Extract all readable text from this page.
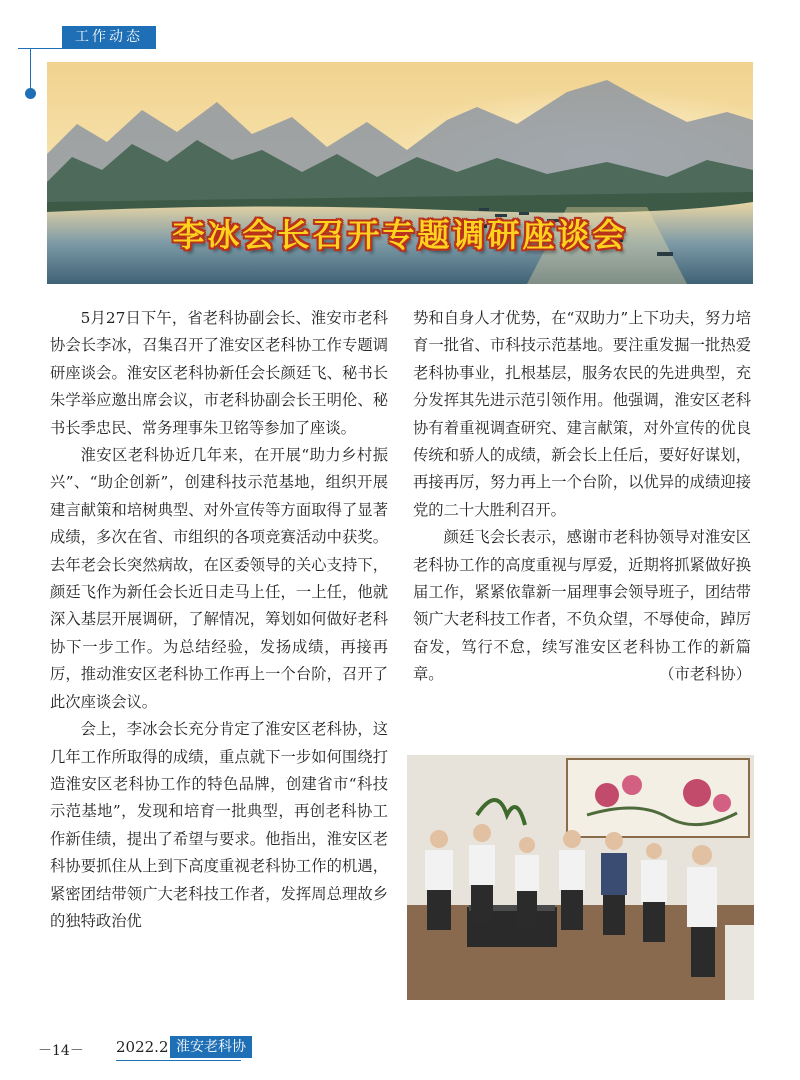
工作动态
李冰会长召开专题调研座谈会

5月27日下午，省老科协副会长、淮安市老科协会长李冰，召集召开了淮安区老科协工作专题调研座谈会。淮安区老科协新任会长颜廷飞、秘书长朱学举应邀出席会议，市老科协副会长王明伦、秘书长季忠民、常务理事朱卫铭等参加了座谈。

淮安区老科协近几年来，在开展“助力乡村振兴”、“助企创新”，创建科技示范基地，组织开展建言献策和培树典型、对外宣传等方面取得了显著成绩，多次在省、市组织的各项竞赛活动中获奖。去年老会长突然病故，在区委领导的关心支持下，颜廷飞作为新任会长近日走马上任，一上任，他就深入基层开展调研，了解情况，筹划如何做好老科协下一步工作。为总结经验，发扬成绩，再接再厉，推动淮安区老科协工作再上一个台阶，召开了此次座谈会议。

会上，李冰会长充分肯定了淮安区老科协，这几年工作所取得的成绩，重点就下一步如何围绕打造淮安区老科协工作的特色品牌，创建省市“科技示范基地”，发现和培育一批典型，再创老科协工作新佳绩，提出了希望与要求。他指出，淮安区老科协要抓住从上到下高度重视老科协工作的机遇，紧密团结带领广大老科技工作者，发挥周总理故乡的独特政治优

势和自身人才优势，在“双助力”上下功夫，努力培育一批省、市科技示范基地。要注重发掘一批热爱老科协事业，扎根基层，服务农民的先进典型，充分发挥其先进示范引领作用。他强调，淮安区老科协有着重视调查研究、建言献策，对外宣传的优良传统和骄人的成绩，新会长上任后，要好好谋划，再接再厉，努力再上一个台阶，以优异的成绩迎接党的二十大胜利召开。

颜廷飞会长表示，感谢市老科协领导对淮安区老科协工作的高度重视与厚爱，近期将抓紧做好换届工作，紧紧依靠新一届理事会领导班子，团结带领广大老科技工作者，不负众望，不辱使命，踔厉奋发，笃行不怠，续写淮安区老科协工作的新篇章。	（市老科协）

－14－ 2022.2 淮安老科协
